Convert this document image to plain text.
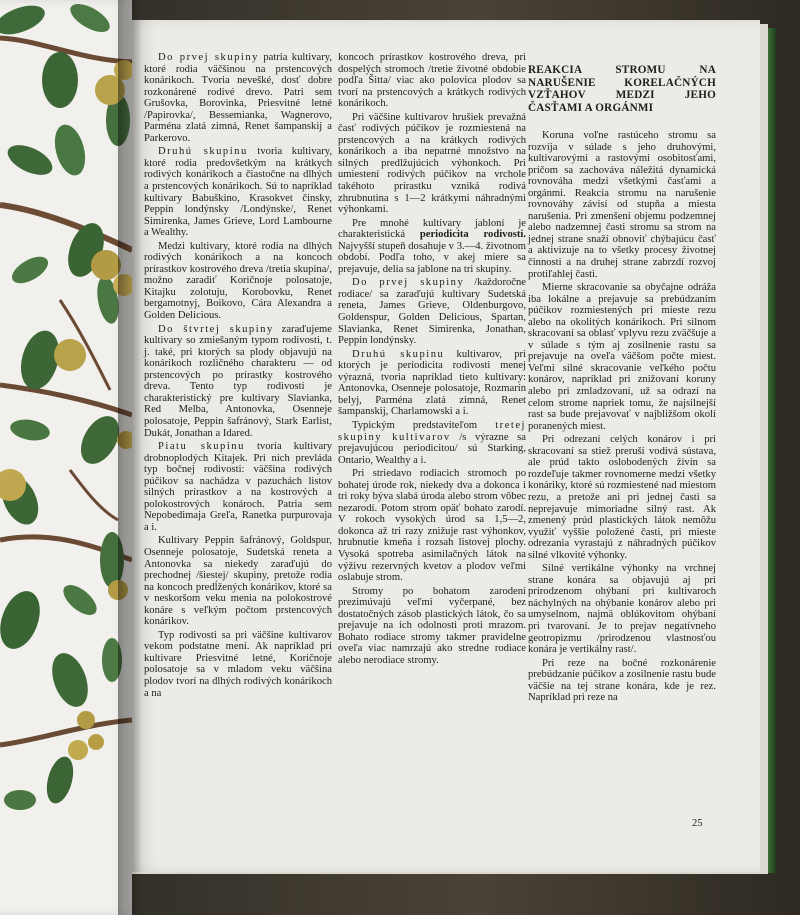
Do prvej skupiny patria kultivary, ktoré rodia väčšinou na prstencových konárikoch. Tvoria nevešké, dosť dobre rozkonárené rodivé drevo. Patri sem Grušovka, Borovinka, Priesvitné letné /Papirovka/, Bessemianka, Wagnerovo, Parména zlatá zimná, Renet šampanskij a Parkerovo.

Druhú skupinu tvoria kultivary, ktoré rodia predovšetkým na krátkych rodivých konárikoch a čiastočne na dlhých a prstencových konárikoch. Sú to napríklad kultivary Babuškino, Krasokvet činsky, Peppin londýnsky /Londýnske/, Renet Simirenka, James Grieve, Lord Lambourne a Wealthy.

Medzi kultivary, ktoré rodia na dlhých rodivých konárikoch a na koncoch prírastkov kostrového dreva /tretia skupina/, možno zaradiť Koričnoje polosatoje, Kitajku zolotuju, Korobovku, Renet bergamotnyj, Boikovo, Cára Alexandra a Golden Delicious.

Do štvrtej skupiny zaraďujeme kultivary so zmiešaným typom rodivosti, t. j. také, pri ktorých sa plody objavujú na konárikoch rozličného charakteru — od prstencových po prírastky kostrového dreva. Tento typ rodivosti je charakteristický pre kultivary Slavianka, Red Melba, Antonovka, Osenneje polosatoje, Peppin šafránový, Stark Earlist, Dukát, Jonathan a Idared.

Piatu skupinu tvoria kultivary drobnoplodých Kitajek. Pri nich prevláda typ bočnej rodivosti: väčšina rodivých púčikov sa nachádza v pazuchách listov silných prírastkov a na kostrových a polokostrových konároch. Patria sem Nepobedimaja Greľa, Ranetka purpurovaja a i.

Kultivary Peppin šafránový, Goldspur, Osenneje polosatoje, Sudetská reneta a Antonovka sa niekedy zaraďujú do prechodnej /šiestej/ skupiny, pretože rodia na koncoch predĺžených konárikov, ktoré sa v neskoršom veku menia na polokostrové konáre s veľkým počtom prstencových konárikov.

Typ rodivosti sa pri väčšine kultivarov vekom podstatne mení. Ak napríklad pri kultivare Priesvitné letné, Koričnoje polosatoje sa v mladom veku väčšina plodov tvorí na dlhých rodivých konárikoch a na

koncoch prírastkov kostrového dreva, pri dospelých stromoch /tretie životné obdobie podľa Šitta/ viac ako polovica plodov sa tvorí na prstencových a krátkych rodivých konárikoch.

Pri väčšine kultivarov hrušiek prevažná časť rodivých púčikov je rozmiestená na prstencových a na krátkych rodivých konárikoch a iba nepatrné množstvo na silných predlžujúcich výhonkoch. Pri umiestení rodivých púčikov na vrchole takéhoto prírastku vzniká rodivá zhrubnutina s 1—2 krátkymi náhradnými výhonkami.

Pre mnohé kultivary jabloní je charakteristická periodicita rodivosti. Najvyšší stupeň dosahuje v 3.—4. životnom období. Podľa toho, v akej miere sa prejavuje, delia sa jablone na tri skupiny.

Do prvej skupiny /každoročne rodiace/ sa zaraďujú kultivary Sudetská reneta, James Grieve, Oldenburgovo, Goldenspur, Golden Delicious, Spartan, Slavianka, Renet Simirenka, Jonathan, Peppin londýnsky.

Druhú skupinu kultivarov, pri ktorých je periodicita rodivosti menej výrazná, tvoria napríklad tieto kultivary: Antonovka, Osenneje polosatoje, Rozmarín belyj, Parména zlatá zimná, Renet šampanskij, Charlamowski a i.

Typickým predstaviteľom tretej skupiny kultivarov /s výrazne sa prejavujúcou periodicitou/ sú Starking, Ontario, Wealthy a i.

Pri striedavo rodiacich stromoch po bohatej úrode rok, niekedy dva a dokonca i tri roky býva slabá úroda alebo strom vôbec nezarodí. Potom strom opäť bohato zarodí. V rokoch vysokých úrod sa 1,5—2, dokonca až tri razy znižuje rast výhonkov, hrubnutie kmeňa i rozsah listovej plochy. Vysoká spotreba asimilačných látok na výživu rezervných kvetov a plodov veľmi oslabuje strom.

Stromy po bohatom zarodení prezimúvajú veľmi vyčerpané, bez dostatočných zásob plastických látok, čo sa prejavuje na ich odolnosti proti mrazom. Bohato rodiace stromy takmer pravidelne oveľa viac namrzajú ako stredne rodiace alebo nerodiace stromy.

REAKCIA STROMU NA NARUŠENIE KORELAČNÝCH VZŤAHOV MEDZI JEHO ČASŤAMI A ORGÁNMI

Koruna voľne rastúceho stromu sa rozvíja v súlade s jeho druhovými, kultivarovými a rastovými osobitosťami, pričom sa zachováva náležitá dynamická rovnováha medzi všetkými časťami a orgánmi. Reakcia stromu na narušenie rovnováhy závisí od stupňa a miesta narušenia. Pri zmenšení objemu podzemnej alebo nadzemnej časti stromu sa strom na jednej strane snaží obnoviť chýbajúcu časť a aktivizuje na to všetky procesy životnej činnosti a na druhej strane zabrzdí rozvoj protiľahlej časti.

Mierne skracovanie sa obyčajne odráža iba lokálne a prejavuje sa prebúdzaním púčikov rozmiestených pri mieste rezu alebo na okolitých konárikoch. Pri silnom skracovaní sa oblasť vplyvu rezu zväčšuje a v súlade s tým aj zosilnenie rastu sa prejavuje na oveľa väčšom počte miest. Veľmi silné skracovanie veľkého počtu konárov, napríklad pri znižovaní koruny alebo pri zmladzovaní, už sa odrazí na celom strome napriek tomu, že najsilnejší rast sa bude prejavovať v najbližšom okolí poranených miest.

Pri odrezaní celých konárov i pri skracovaní sa stiež preruší vodivá sústava, ale prúd takto oslobodených živín sa rozdeľuje takmer rovnomerne medzi všetky konáriky, ktoré sú rozmiestené nad miestom rezu, a pretože ani pri jednej časti sa neprejavuje mimoriadne silný rast. Ak zmenený prúd plastických látok nemôžu využiť vyššie položené časti, pri mieste odrezania vyrastajú z náhradných púčikov silné vlkovité výhonky.

Silné vertikálne výhonky na vrchnej strane konára sa objavujú aj pri prirodzenom ohýbaní pri kultivaroch náchylných na ohýbanie konárov alebo pri umyselnom, najmä oblúkovitom ohýbaní pri tvarovaní. Je to prejav negatívneho geotropizmu /prirodzenou vlastnosťou konára je vertikálny rast/.

Pri reze na bočné rozkonárenie prebúdzanie púčikov a zosilnenie rastu bude väčšie na tej strane konára, kde je rez. Napríklad pri reze na

25
